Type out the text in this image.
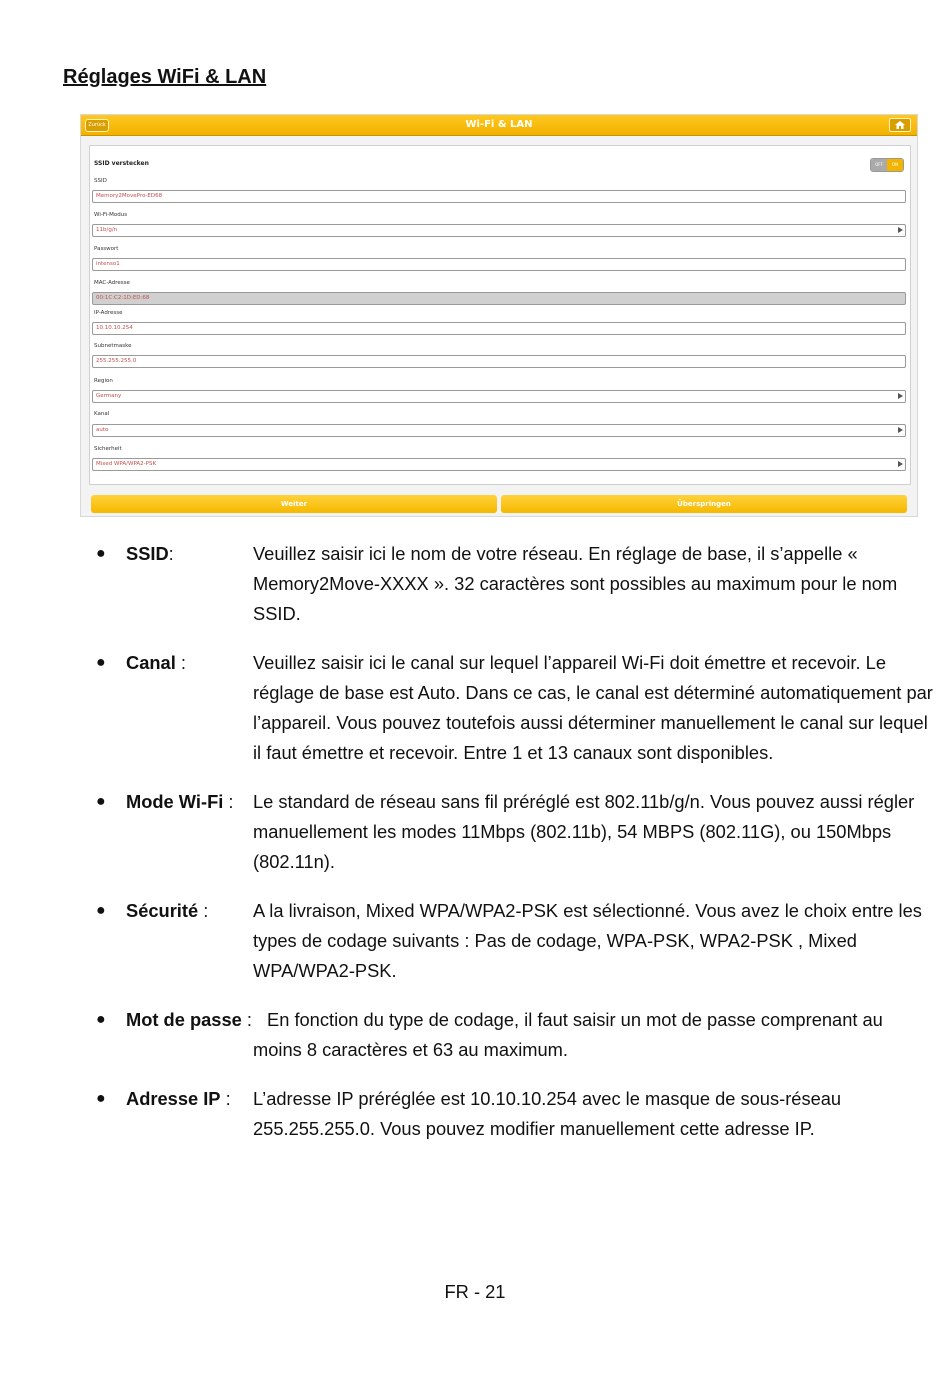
Réglages WiFi & LAN
Zurück	Wi-Fi & LAN
SSID verstecken	OFF	ON
SSID
Memory2MovePro-ED68
Wi-Fi-Modus
11b/g/n
Passwort
intenso1
MAC-Adresse
00:1C:C2:1D:ED:68
IP-Adresse
10.10.10.254
Subnetmaske
255.255.255.0
Region
Germany
Kanal
auto
Sicherheit
Mixed WPA/WPA2-PSK
Weiter	Überspringen
● SSID:	Veuillez saisir ici le nom de votre réseau. En réglage de base, il s’appelle « Memory2Move-XXXX ». 32 caractères sont possibles au maximum pour le nom SSID.
● Canal :	Veuillez saisir ici le canal sur lequel l’appareil Wi-Fi doit émettre et recevoir. Le réglage de base est Auto. Dans ce cas, le canal est déterminé automatiquement par l’appareil. Vous pouvez toutefois aussi déterminer manuellement le canal sur lequel il faut émettre et recevoir. Entre 1 et 13 canaux sont disponibles.
● Mode Wi-Fi : Le standard de réseau sans fil préréglé est 802.11b/g/n. Vous pouvez aussi régler manuellement les modes 11Mbps (802.11b), 54 MBPS (802.11G), ou 150Mbps (802.11n).
● Sécurité : A la livraison, Mixed WPA/WPA2-PSK est sélectionné. Vous avez le choix entre les types de codage suivants : Pas de codage, WPA-PSK, WPA2-PSK , Mixed WPA/WPA2-PSK.
● Mot de passe : En fonction du type de codage, il faut saisir un mot de passe comprenant au moins 8 caractères et 63 au maximum.
● Adresse IP : L’adresse IP préréglée est 10.10.10.254 avec le masque de sous-réseau 255.255.255.0. Vous pouvez modifier manuellement cette adresse IP.
FR - 21
